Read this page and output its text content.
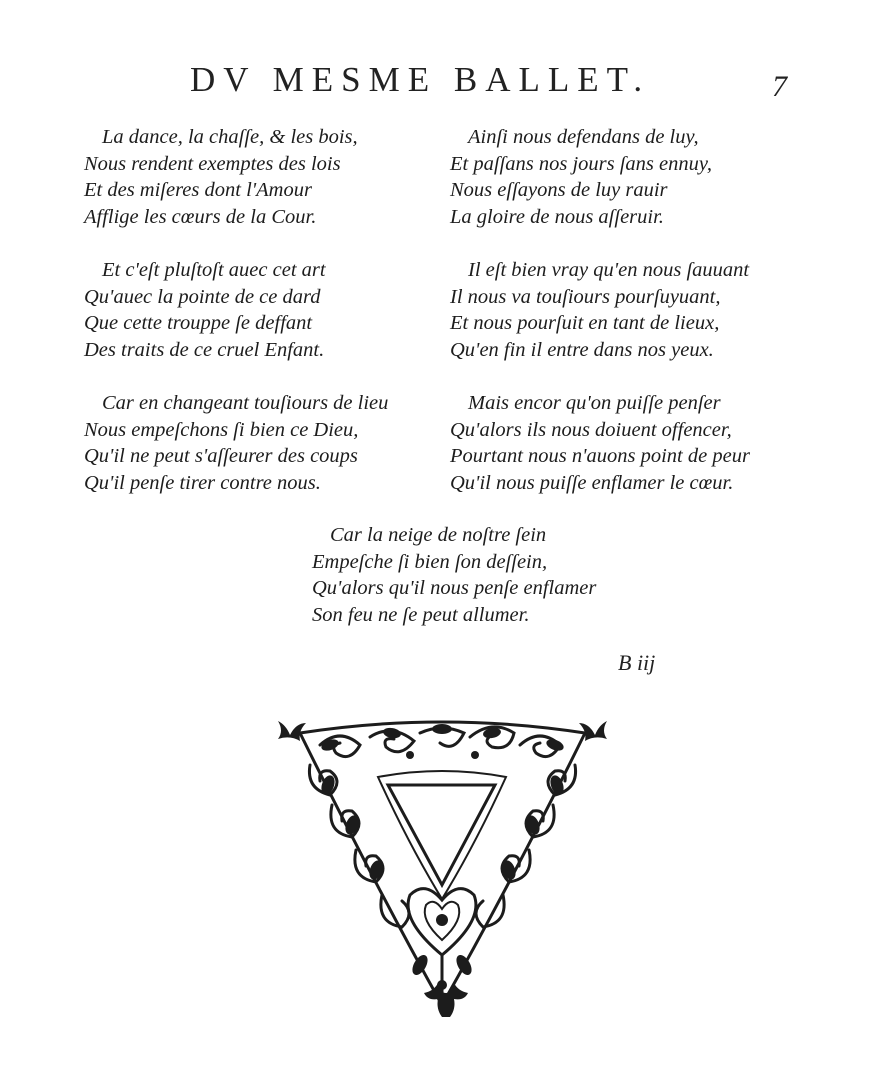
DV MESME BALLET.	7
La dance, la chaſſe, & les bois,
Nous rendent exemptes des lois
Et des miſeres dont l'Amour
Afflige les cœurs de la Cour.
Ainſi nous defendans de luy,
Et paſſans nos jours ſans ennuy,
Nous eſſayons de luy rauir
La gloire de nous aſſeruir.
Et c'eſt pluſtoſt auec cet art
Qu'auec la pointe de ce dard
Que cette trouppe ſe deffant
Des traits de ce cruel Enfant.
Il eſt bien vray qu'en nous ſauuant
Il nous va touſiours pourſuyuant,
Et nous pourſuit en tant de lieux,
Qu'en fin il entre dans nos yeux.
Car en changeant touſiours de lieu
Nous empeſchons ſi bien ce Dieu,
Qu'il ne peut s'aſſeurer des coups
Qu'il penſe tirer contre nous.
Mais encor qu'on puiſſe penſer
Qu'alors ils nous doiuent offencer,
Pourtant nous n'auons point de peur
Qu'il nous puiſſe enflamer le cœur.
Car la neige de noſtre ſein
Empeſche ſi bien ſon deſſein,
Qu'alors qu'il nous penſe enflamer
Son feu ne ſe peut allumer.
B iij
